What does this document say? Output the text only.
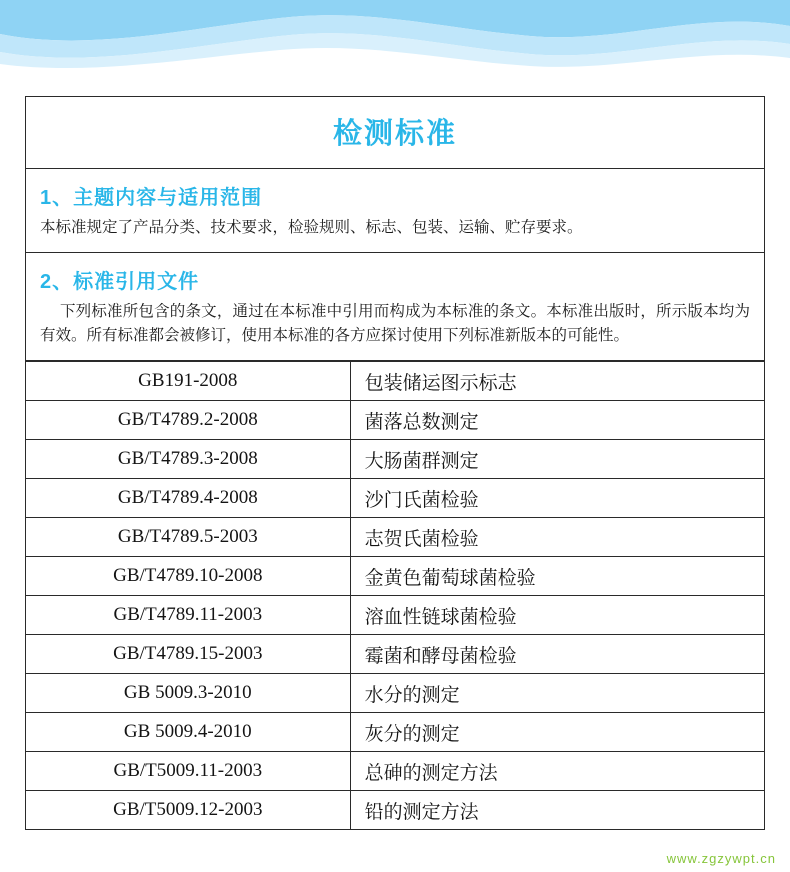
检测标准
1、主题内容与适用范围
本标准规定了产品分类、技术要求，检验规则、标志、包装、运输、贮存要求。
2、标准引用文件
下列标准所包含的条文，通过在本标准中引用而构成为本标准的条文。本标准出版时，所示版本均为有效。所有标准都会被修订，使用本标准的各方应探讨使用下列标准新版本的可能性。
GB191-2008	包装储运图示标志
GB/T4789.2-2008	菌落总数测定
GB/T4789.3-2008	大肠菌群测定
GB/T4789.4-2008	沙门氏菌检验
GB/T4789.5-2003	志贺氏菌检验
GB/T4789.10-2008	金黄色葡萄球菌检验
GB/T4789.11-2003	溶血性链球菌检验
GB/T4789.15-2003	霉菌和酵母菌检验
GB 5009.3-2010	水分的测定
GB 5009.4-2010	灰分的测定
GB/T5009.11-2003	总砷的测定方法
GB/T5009.12-2003	铅的测定方法
www.zgzywpt.cn
